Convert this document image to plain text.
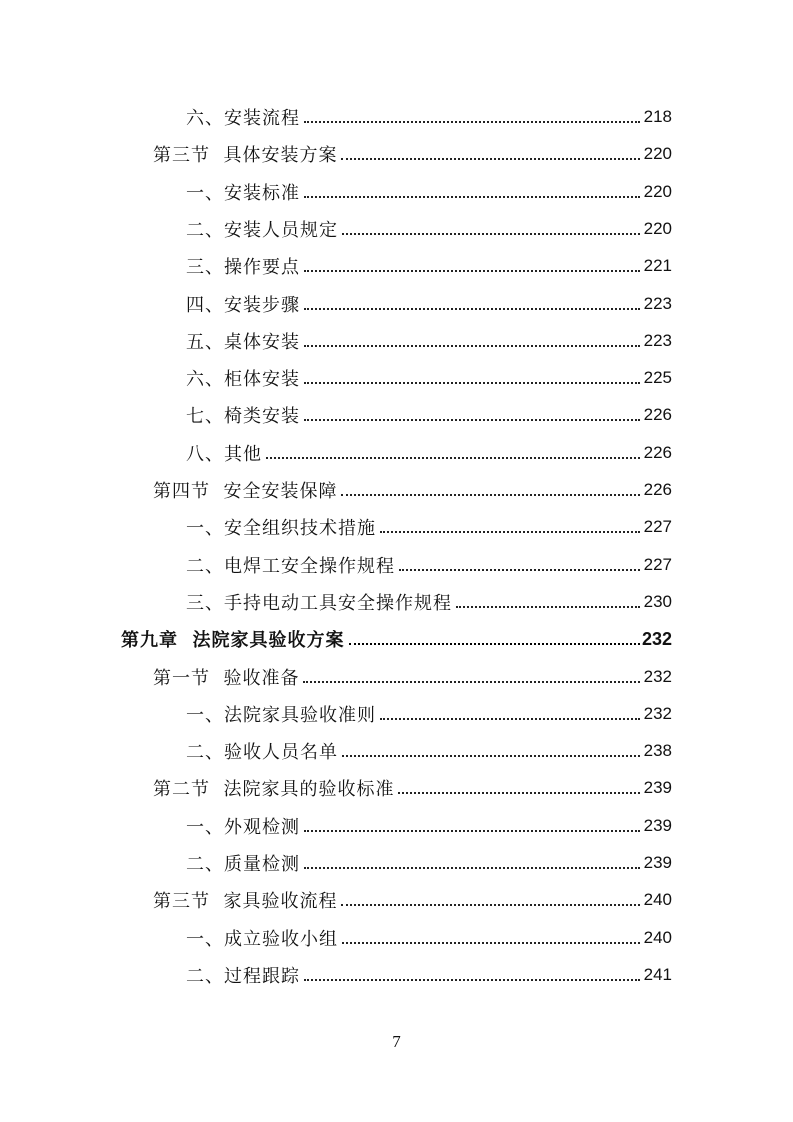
六、安装流程	218
第三节  具体安装方案	220
一、安装标准	220
二、安装人员规定	220
三、操作要点	221
四、安装步骤	223
五、桌体安装	223
六、柜体安装	225
七、椅类安装	226
八、其他	226
第四节  安全安装保障	226
一、安全组织技术措施	227
二、电焊工安全操作规程	227
三、手持电动工具安全操作规程	230
第九章  法院家具验收方案	232
第一节  验收准备	232
一、法院家具验收准则	232
二、验收人员名单	238
第二节  法院家具的验收标准	239
一、外观检测	239
二、质量检测	239
第三节  家具验收流程	240
一、成立验收小组	240
二、过程跟踪	241
7
